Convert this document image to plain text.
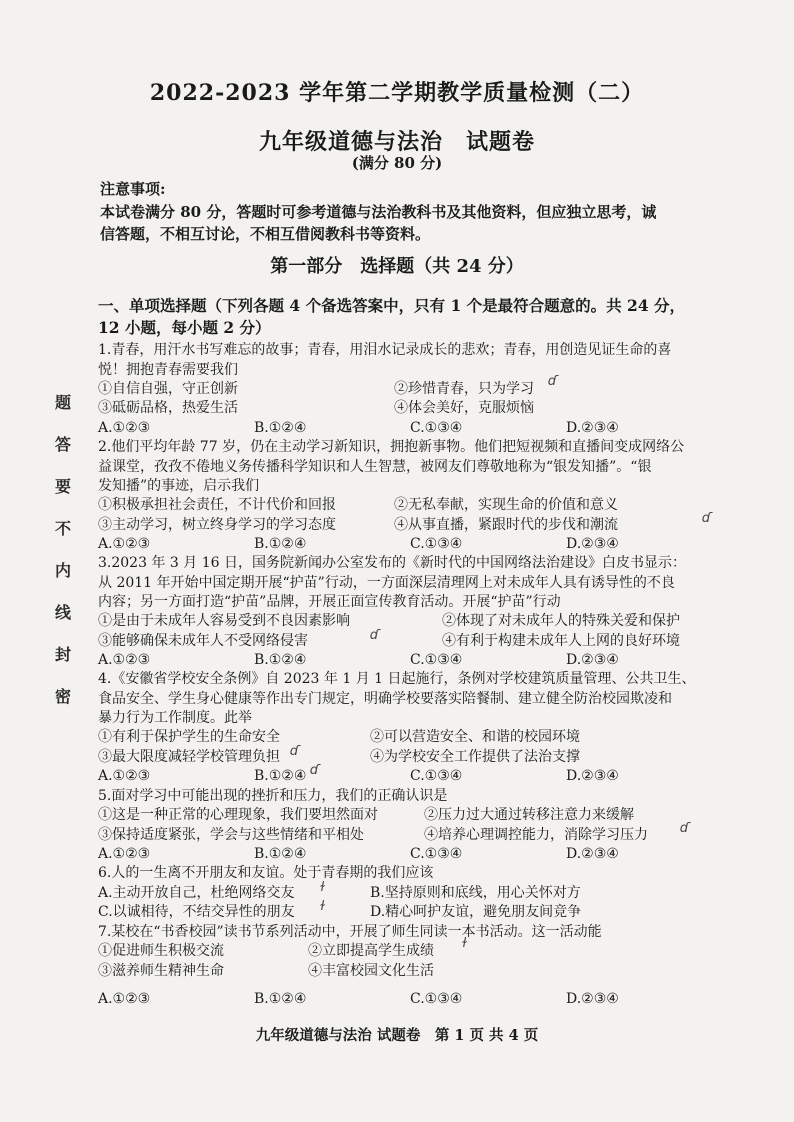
题
答
要
不
内
线
封
密
2022-2023 学年第二学期教学质量检测（二）
九年级道德与法治　试题卷
(满分 80 分)
注意事项:
本试卷满分 80 分，答题时可参考道德与法治教科书及其他资料，但应独立思考，诚
信答题，不相互讨论，不相互借阅教科书等资料。
第一部分　选择题（共 24 分）
一、单项选择题（下列各题 4 个备选答案中，只有 1 个是最符合题意的。共 24 分，
12 小题，每小题 2 分）
1.青春，用汗水书写难忘的故事；青春，用泪水记录成长的悲欢；青春，用创造见证生命的喜
悦！拥抱青春需要我们
①自信自强，守正创新	②珍惜青春，只为学习 ɗ
③砥砺品格，热爱生活	④体会美好，克服烦恼
A.①②③	B.①②④	C.①③④	D.②③④
2.他们平均年龄 77 岁，仍在主动学习新知识，拥抱新事物。他们把短视频和直播间变成网络公
益课堂，孜孜不倦地义务传播科学知识和人生智慧，被网友们尊敬地称为“银发知播”。“银
发知播”的事迹，启示我们
①积极承担社会责任，不计代价和回报	②无私奉献，实现生命的价值和意义
③主动学习，树立终身学习的学习态度	④从事直播，紧跟时代的步伐和潮流	ɗ
A.①②③	B.①②④	C.①③④	D.②③④
3.2023 年 3 月 16 日，国务院新闻办公室发布的《新时代的中国网络法治建设》白皮书显示：
从 2011 年开始中国定期开展“护苗”行动，一方面深层清理网上对未成年人具有诱导性的不良
内容；另一方面打造“护苗”品牌，开展正面宣传教育活动。开展“护苗”行动
①是由于未成年人容易受到不良因素影响	②体现了对未成年人的特殊关爱和保护
③能够确保未成年人不受网络侵害	ɗ	④有利于构建未成年人上网的良好环境
A.①②③	B.①②④	C.①③④	D.②③④
4.《安徽省学校安全条例》自 2023 年 1 月 1 日起施行，条例对学校建筑质量管理、公共卫生、
食品安全、学生身心健康等作出专门规定，明确学校要落实陪餐制、建立健全防治校园欺凌和
暴力行为工作制度。此举
①有利于保护学生的生命安全	②可以营造安全、和谐的校园环境
③最大限度减轻学校管理负担 ɗ	④为学校安全工作提供了法治支撑
A.①②③	B.①②④ ɗ	C.①③④	D.②③④
5.面对学习中可能出现的挫折和压力，我们的正确认识是
①这是一种正常的心理现象，我们要坦然面对	②压力过大通过转移注意力来缓解
③保持适度紧张，学会与这些情绪和平相处	④培养心理调控能力，消除学习压力 ɗ
A.①②③	B.①②④	C.①③④	D.②③④
6.人的一生离不开朋友和友谊。处于青春期的我们应该
A.主动开放自己，杜绝网络交友 ɫ	B.坚持原则和底线，用心关怀对方
C.以诚相待，不结交异性的朋友 ɫ	D.精心呵护友谊，避免朋友间竞争
7.某校在“书香校园”读书节系列活动中，开展了师生同读一本书活动。这一活动能
①促进师生积极交流	②立即提高学生成绩 ɫ
③滋养师生精神生命	④丰富校园文化生活
A.①②③	B.①②④	C.①③④	D.②③④
九年级道德与法治 试题卷　第 1 页 共 4 页
